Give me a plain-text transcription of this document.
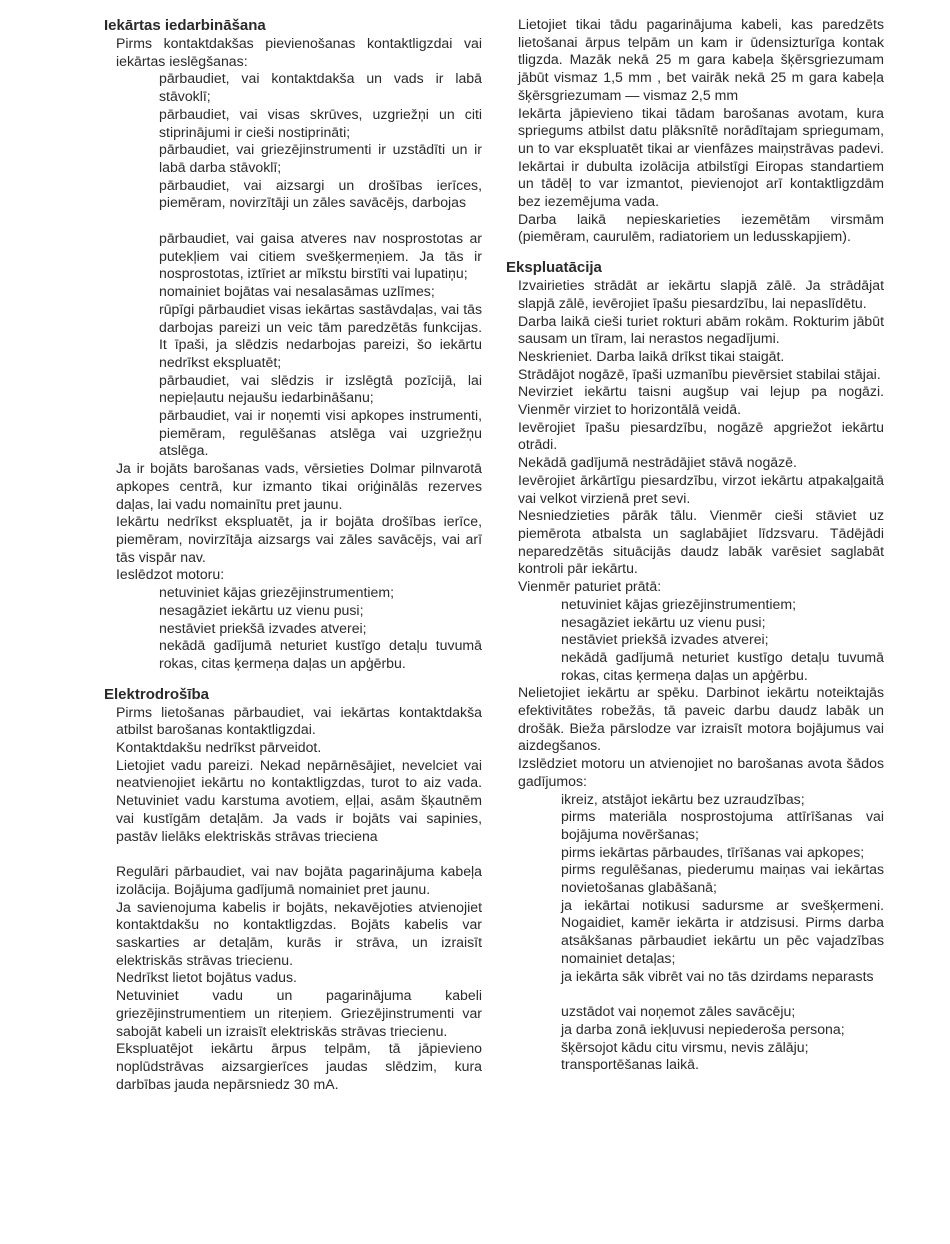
Iekārtas iedarbināšana
Pirms kontaktdakšas pievienošanas kontaktligzdai vai iekārtas ieslēgšanas:
pārbaudiet, vai kontaktdakša un vads ir labā stāvoklī;
pārbaudiet, vai visas skrūves, uzgriežņi un citi stiprinājumi ir cieši nostiprināti;
pārbaudiet, vai griezējinstrumenti ir uzstādīti un ir labā darba stāvoklī;
pārbaudiet, vai aizsargi un drošības ierīces, piemēram, novirzītāji un zāles savācējs, darbojas
pārbaudiet, vai gaisa atveres nav nosprostotas ar putekļiem vai citiem svešķermeņiem. Ja tās ir nosprostotas, iztīriet ar mīkstu birstīti vai lupatiņu;
nomainiet bojātas vai nesalasāmas uzlīmes;
rūpīgi pārbaudiet visas iekārtas sastāvdaļas, vai tās darbojas pareizi un veic tām paredzētās funkcijas. It īpaši, ja slēdzis nedarbojas pareizi, šo iekārtu nedrīkst ekspluatēt;
pārbaudiet, vai slēdzis ir izslēgtā pozīcijā, lai nepieļautu nejaušu iedarbināšanu;
pārbaudiet, vai ir noņemti visi apkopes instrumenti, piemēram, regulēšanas atslēga vai uzgriežņu atslēga.
Ja ir bojāts barošanas vads, vērsieties Dolmar pilnvarotā apkopes centrā, kur izmanto tikai oriģinālās rezerves daļas, lai vadu nomainītu pret jaunu.
Iekārtu nedrīkst ekspluatēt, ja ir bojāta drošības ierīce, piemēram, novirzītāja aizsargs vai zāles savācējs, vai arī tās vispār nav.
Ieslēdzot motoru:
netuviniet kājas griezējinstrumentiem;
nesagāziet iekārtu uz vienu pusi;
nestāviet priekšā izvades atverei;
nekādā gadījumā neturiet kustīgo detaļu tuvumā rokas, citas ķermeņa daļas un apģērbu.
Elektrodrošība
Pirms lietošanas pārbaudiet, vai iekārtas kontaktdakša atbilst barošanas kontaktligzdai.
Kontaktdakšu nedrīkst pārveidot.
Lietojiet vadu pareizi. Nekad nepārnēsājiet, nevelciet vai neatvienojiet iekārtu no kontaktligzdas, turot to aiz vada. Netuviniet vadu karstuma avotiem, eļļai, asām šķautnēm vai kustīgām detaļām. Ja vads ir bojāts vai sapinies, pastāv lielāks elektriskās strāvas trieciena
Regulāri pārbaudiet, vai nav bojāta pagarinājuma kabeļa izolācija. Bojājuma gadījumā nomainiet pret jaunu.
Ja savienojuma kabelis ir bojāts, nekavējoties atvienojiet kontaktdakšu no kontaktligzdas. Bojāts kabelis var saskarties ar detaļām, kurās ir strāva, un izraisīt elektriskās strāvas triecienu.
Nedrīkst lietot bojātus vadus.
Netuviniet vadu un pagarinājuma kabeli griezējinstrumentiem un riteņiem. Griezējinstrumenti var sabojāt kabeli un izraisīt elektriskās strāvas triecienu.
Ekspluatējot iekārtu ārpus telpām, tā jāpievieno noplūdstrāvas aizsargierīces jaudas slēdzim, kura darbības jauda nepārsniedz 30 mA.
Lietojiet tikai tādu pagarinājuma kabeli, kas paredzēts lietošanai ārpus telpām un kam ir ūdensizturīga kontak tligzda. Mazāk nekā 25 m gara kabeļa šķērsgriezumam jābūt vismaz 1,5 mm , bet vairāk nekā 25 m gara kabeļa šķērsgriezumam — vismaz 2,5 mm
Iekārta jāpievieno tikai tādam barošanas avotam, kura spriegums atbilst datu plāksnītē norādītajam spriegumam, un to var ekspluatēt tikai ar vienfāzes maiņstrāvas padevi. Iekārtai ir dubulta izolācija atbilstīgi Eiropas standartiem un tādēļ to var izmantot, pievienojot arī kontaktligzdām bez iezemējuma vada.
Darba laikā nepieskarieties iezemētām virsmām (piemēram, caurulēm, radiatoriem un ledusskapjiem).
Ekspluatācija
Izvairieties strādāt ar iekārtu slapjā zālē. Ja strādājat slapjā zālē, ievērojiet īpašu piesardzību, lai nepaslīdētu.
Darba laikā cieši turiet rokturi abām rokām. Rokturim jābūt sausam un tīram, lai nerastos negadījumi.
Neskrieniet. Darba laikā drīkst tikai staigāt.
Strādājot nogāzē, īpaši uzmanību pievērsiet stabilai stājai.
Nevirziet iekārtu taisni augšup vai lejup pa nogāzi. Vienmēr virziet to horizontālā veidā.
Ievērojiet īpašu piesardzību, nogāzē apgriežot iekārtu otrādi.
Nekādā gadījumā nestrādājiet stāvā nogāzē.
Ievērojiet ārkārtīgu piesardzību, virzot iekārtu atpakaļgaitā vai velkot virzienā pret sevi.
Nesniedzieties pārāk tālu. Vienmēr cieši stāviet uz piemērota atbalsta un saglabājiet līdzsvaru. Tādējādi neparedzētās situācijās daudz labāk varēsiet saglabāt kontroli pār iekārtu.
Vienmēr paturiet prātā:
netuviniet kājas griezējinstrumentiem;
nesagāziet iekārtu uz vienu pusi;
nestāviet priekšā izvades atverei;
nekādā gadījumā neturiet kustīgo detaļu tuvumā rokas, citas ķermeņa daļas un apģērbu.
Nelietojiet iekārtu ar spēku. Darbinot iekārtu noteiktajās efektivitātes robežās, tā paveic darbu daudz labāk un drošāk. Bieža pārslodze var izraisīt motora bojājumus vai aizdegšanos.
Izslēdziet motoru un atvienojiet no barošanas avota šādos gadījumos:
ikreiz, atstājot iekārtu bez uzraudzības;
pirms materiāla nosprostojuma attīrīšanas vai bojājuma novēršanas;
pirms iekārtas pārbaudes, tīrīšanas vai apkopes;
pirms regulēšanas, piederumu maiņas vai iekārtas novietošanas glabāšanā;
ja iekārtai notikusi sadursme ar svešķermeni. Nogaidiet, kamēr iekārta ir atdzisusi. Pirms darba atsākšanas pārbaudiet iekārtu un pēc vajadzības nomainiet detaļas;
ja iekārta sāk vibrēt vai no tās dzirdams neparasts
uzstādot vai noņemot zāles savācēju;
ja darba zonā iekļuvusi nepiederoša persona;
šķērsojot kādu citu virsmu, nevis zālāju;
transportēšanas laikā.
